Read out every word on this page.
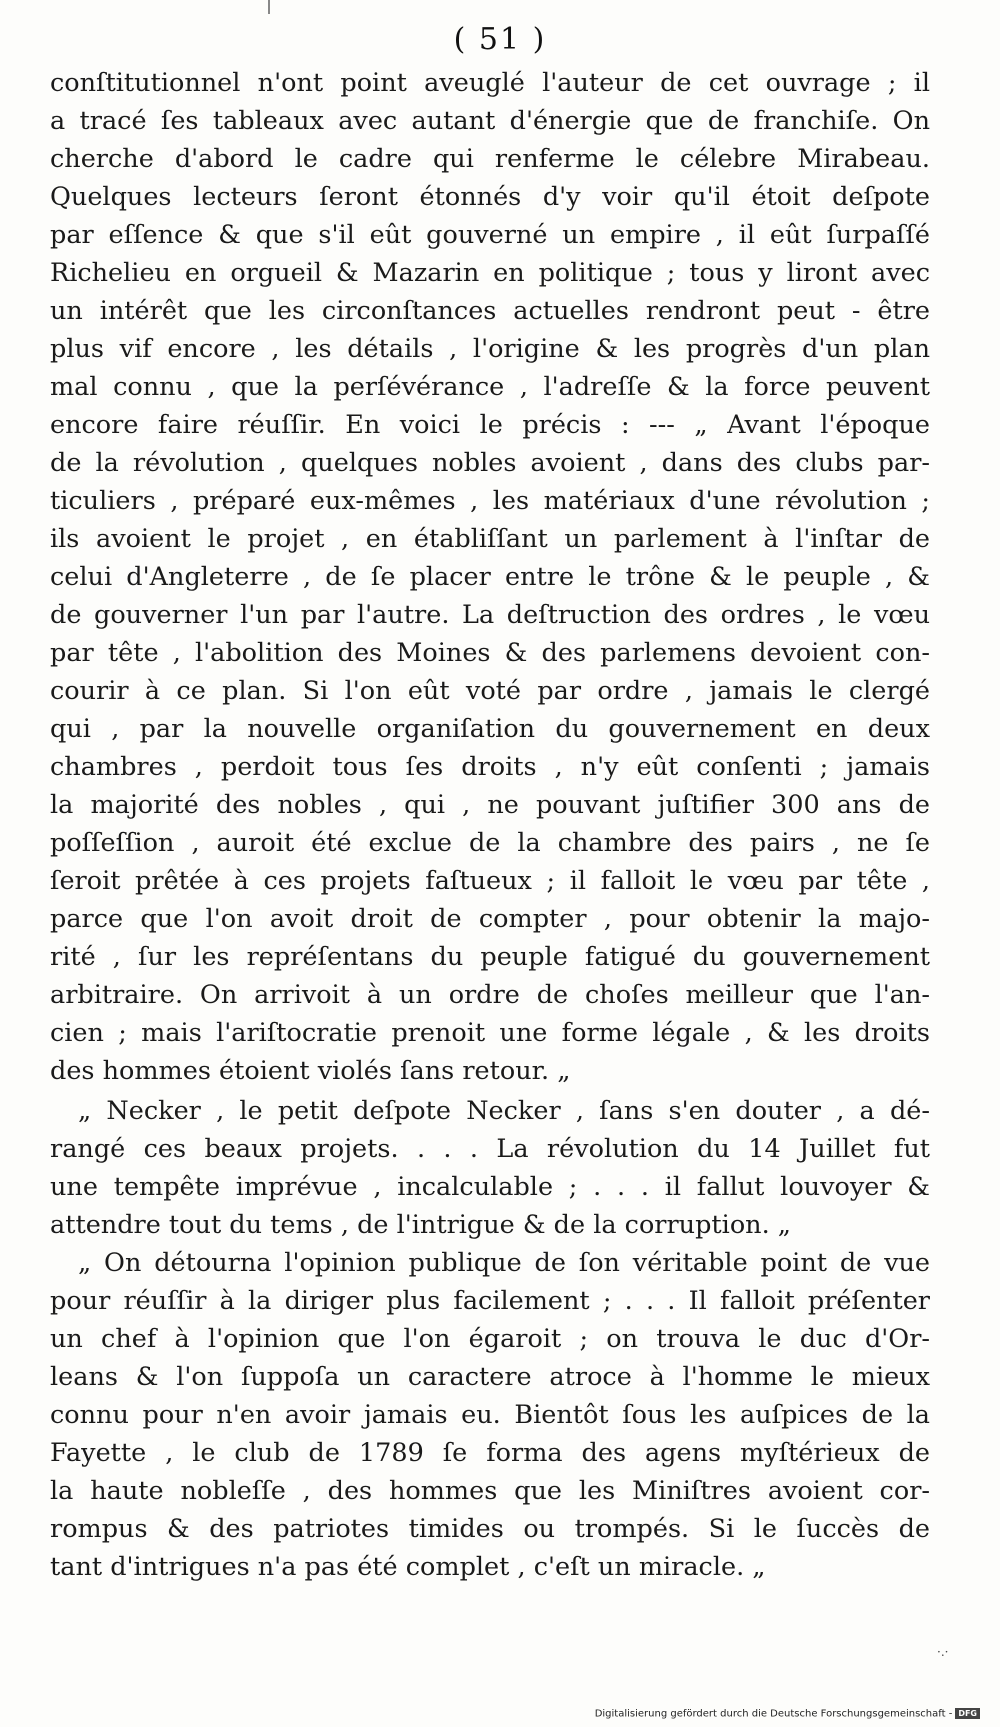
( 51 )
conſtitutionnel n'ont point aveuglé l'auteur de cet ouvrage ; il
a tracé ſes tableaux avec autant d'énergie que de franchiſe. On
cherche d'abord le cadre qui renferme le célebre Mirabeau.
Quelques lecteurs ſeront étonnés d'y voir qu'il étoit deſpote
par eſſence & que s'il eût gouverné un empire , il eût ſurpaſſé
Richelieu en orgueil & Mazarin en politique ; tous y liront avec
un intérêt que les circonſtances actuelles rendront peut - être
plus vif encore , les détails , l'origine & les progrès d'un plan
mal connu , que la perſévérance , l'adreſſe & la force peuvent
encore faire réuſſir. En voici le précis : --- „ Avant l'époque
de la révolution , quelques nobles avoient , dans des clubs par-
ticuliers , préparé eux-mêmes , les matériaux d'une révolution ;
ils avoient le projet , en établiſſant un parlement à l'inſtar de
celui d'Angleterre , de ſe placer entre le trône & le peuple , &
de gouverner l'un par l'autre. La deſtruction des ordres , le vœu
par tête , l'abolition des Moines & des parlemens devoient con-
courir à ce plan. Si l'on eût voté par ordre , jamais le clergé
qui , par la nouvelle organiſation du gouvernement en deux
chambres , perdoit tous ſes droits , n'y eût conſenti ; jamais
la majorité des nobles , qui , ne pouvant juſtifier 300 ans de
poſſeſſion , auroit été exclue de la chambre des pairs , ne ſe
ſeroit prêtée à ces projets faſtueux ; il falloit le vœu par tête ,
parce que l'on avoit droit de compter , pour obtenir la majo-
rité , ſur les repréſentans du peuple fatigué du gouvernement
arbitraire. On arrivoit à un ordre de choſes meilleur que l'an-
cien ; mais l'ariſtocratie prenoit une forme légale , & les droits
des hommes étoient violés ſans retour. „
„ Necker , le petit deſpote Necker , ſans s'en douter , a dé-
rangé ces beaux projets. . . . La révolution du 14 Juillet fut
une tempête imprévue , incalculable ; . . . il fallut louvoyer &
attendre tout du tems , de l'intrigue & de la corruption. „
„ On détourna l'opinion publique de ſon véritable point de vue
pour réuſſir à la diriger plus facilement ; . . . Il falloit préſenter
un chef à l'opinion que l'on égaroit ; on trouva le duc d'Or-
leans & l'on ſuppoſa un caractere atroce à l'homme le mieux
connu pour n'en avoir jamais eu. Bientôt ſous les auſpices de la
Fayette , le club de 1789 ſe forma des agens myſtérieux de
la haute nobleſſe , des hommes que les Miniſtres avoient cor-
rompus & des patriotes timides ou trompés. Si le ſuccès de
tant d'intrigues n'a pas été complet , c'eſt un miracle. „
·.·
Digitalisierung gefördert durch die Deutsche Forschungsgemeinschaft - DFG
